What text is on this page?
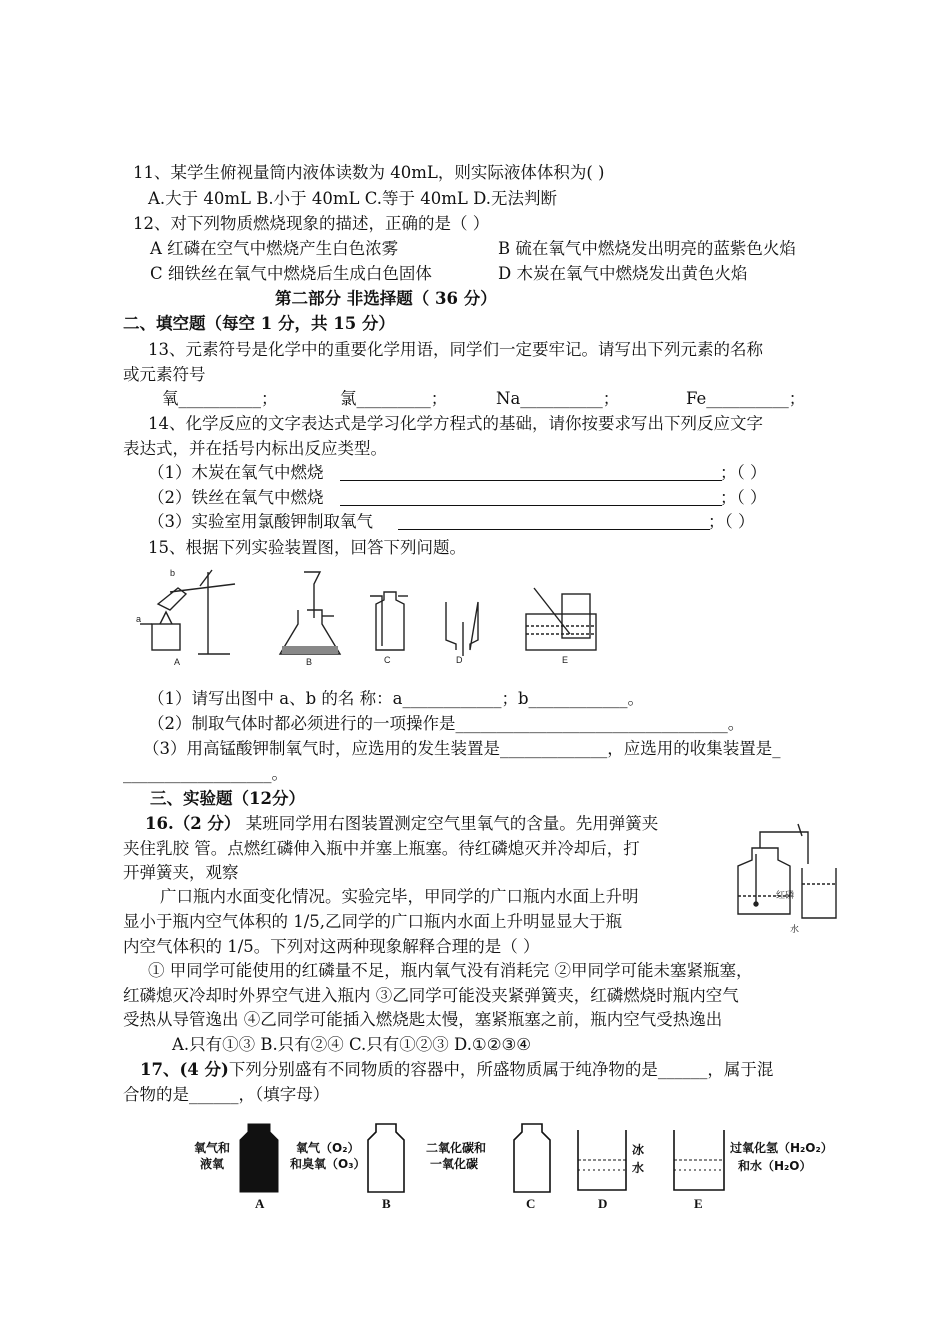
11、某学生俯视量筒内液体读数为 40mL，则实际液体体积为( )
A.大于 40mL B.小于 40mL C.等于 40mL D.无法判断
12、对下列物质燃烧现象的描述，正确的是（ ）
A 红磷在空气中燃烧产生白色浓雾	B 硫在氧气中燃烧发出明亮的蓝紫色火焰
C 细铁丝在氧气中燃烧后生成白色固体	D 木炭在氧气中燃烧发出黄色火焰
第二部分 非选择题（ 36 分）
二、填空题（每空 1 分，共 15 分）
13、元素符号是化学中的重要化学用语，同学们一定要牢记。请写出下列元素的名称
或元素符号
氧__________；	氯_________；	Na__________；	Fe__________；
14、化学反应的文字表达式是学习化学方程式的基础，请你按要求写出下列反应文字
表达式，并在括号内标出反应类型。
（1）木炭在氧气中燃烧	；（ ）
（2）铁丝在氧气中燃烧	；（ ）
（3）实验室用氯酸钾制取氧气	；（ ）
15、根据下列实验装置图，回答下列问题。
b
a
A	B	C	D	E
（1）请写出图中 a、b 的名 称：a____________；b____________。
（2）制取气体时都必须进行的一项操作是_________________________________。
（3）用高锰酸钾制氧气时，应选用的发生装置是_____________，应选用的收集装置是_
__________________。
三、实验题（12分）
16.（2 分） 某班同学用右图装置测定空气里氧气的含量。先用弹簧夹
夹住乳胶 管。点燃红磷伸入瓶中并塞上瓶塞。待红磷熄灭并冷却后，打
开弹簧夹，观察
广口瓶内水面变化情况。实验完毕，甲同学的广口瓶内水面上升明
显小于瓶内空气体积的 1/5,乙同学的广口瓶内水面上升明显显大于瓶
内空气体积的 1/5。下列对这两种现象解释合理的是（ ）
红磷
水
① 甲同学可能使用的红磷量不足，瓶内氧气没有消耗完 ②甲同学可能未塞紧瓶塞，
红磷熄灭冷却时外界空气进入瓶内 ③乙同学可能没夹紧弹簧夹，红磷燃烧时瓶内空气
受热从导管逸出 ④乙同学可能插入燃烧匙太慢，塞紧瓶塞之前，瓶内空气受热逸出
A.只有①③ B.只有②④ C.只有①②③ D.①②③④
17、(4 分)下列分别盛有不同物质的容器中，所盛物质属于纯净物的是______，属于混
合物的是______，（填字母）
氧气和
液氧
A
氧气（O₂）
和臭氧（O₃）
B
二氧化碳和
一氧化碳
C
冰
水
D
过氧化氢（H₂O₂）
和水（H₂O）
E
